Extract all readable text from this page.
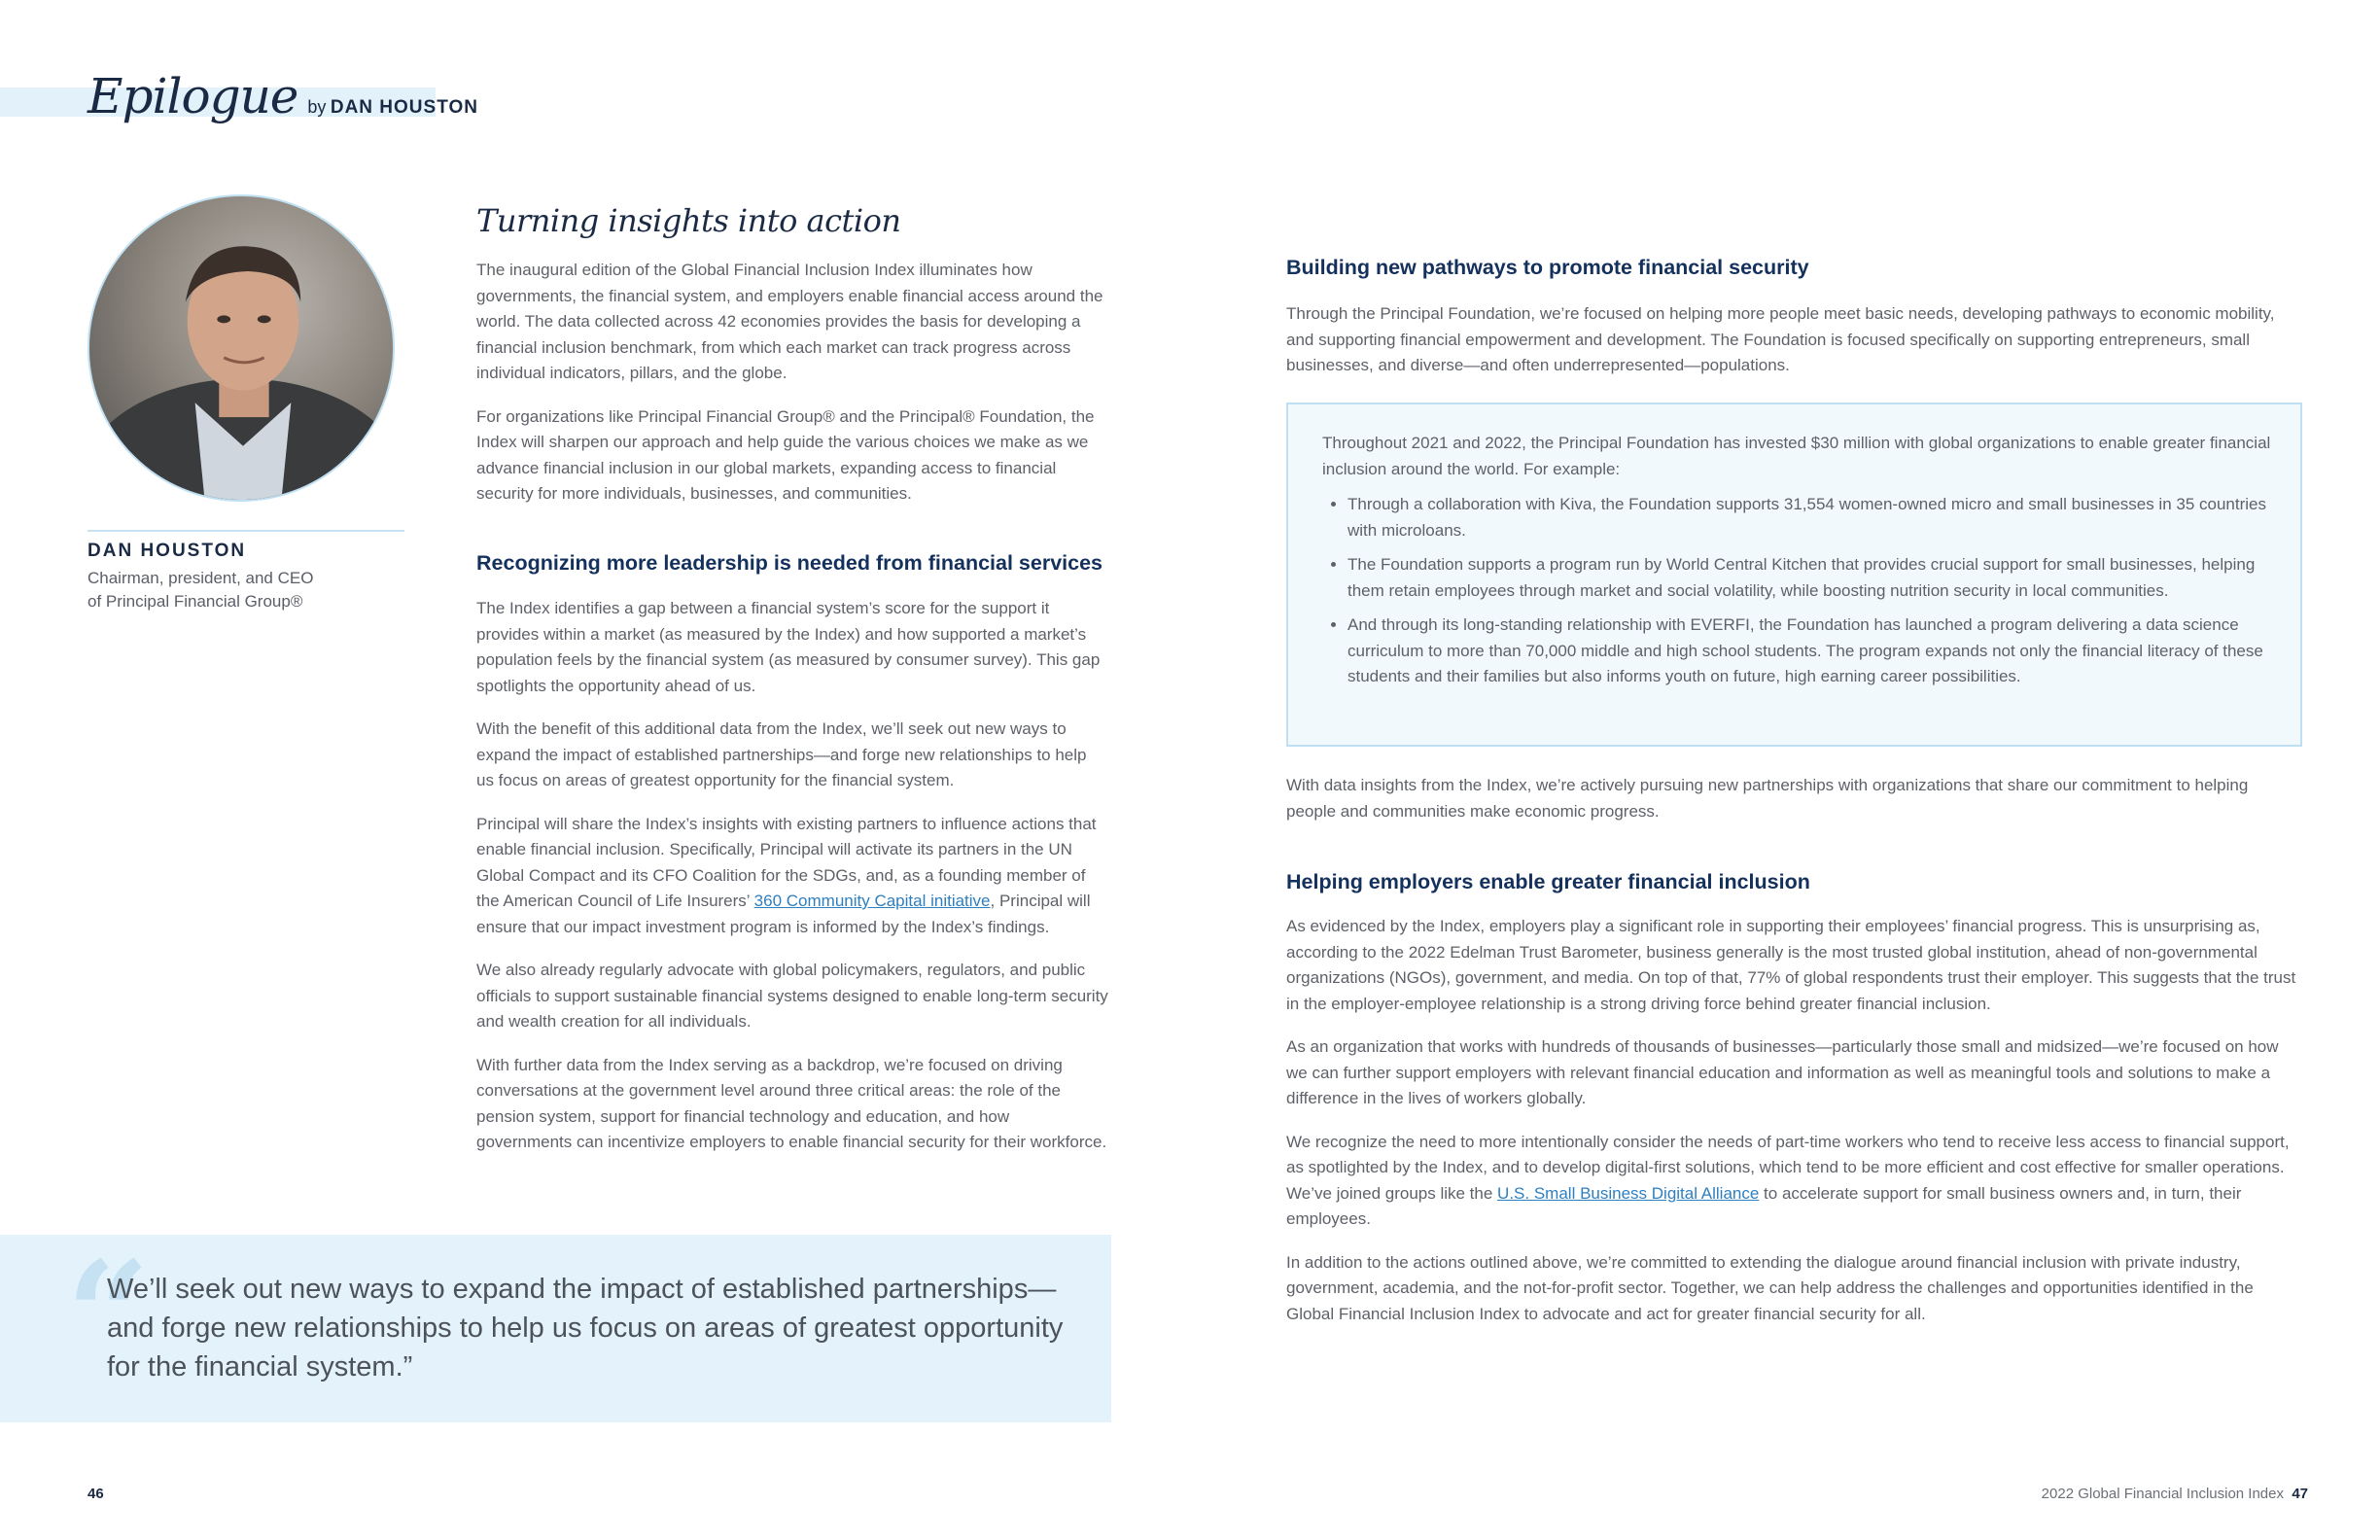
Epilogue by DAN HOUSTON
DAN HOUSTON
Chairman, president, and CEO
of Principal Financial Group®
Turning insights into action

The inaugural edition of the Global Financial Inclusion Index illuminates how governments, the financial system, and employers enable financial access around the world. The data collected across 42 economies provides the basis for developing a financial inclusion benchmark, from which each market can track progress across individual indicators, pillars, and the globe.

For organizations like Principal Financial Group® and the Principal® Foundation, the Index will sharpen our approach and help guide the various choices we make as we advance financial inclusion in our global markets, expanding access to financial security for more individuals, businesses, and communities.

Recognizing more leadership is needed from financial services

The Index identifies a gap between a financial system’s score for the support it provides within a market (as measured by the Index) and how supported a market’s population feels by the financial system (as measured by consumer survey). This gap spotlights the opportunity ahead of us.

With the benefit of this additional data from the Index, we’ll seek out new ways to expand the impact of established partnerships—and forge new relationships to help us focus on areas of greatest opportunity for the financial system.

Principal will share the Index’s insights with existing partners to influence actions that enable financial inclusion. Specifically, Principal will activate its partners in the UN Global Compact and its CFO Coalition for the SDGs, and, as a founding member of the American Council of Life Insurers’ 360 Community Capital initiative, Principal will ensure that our impact investment program is informed by the Index’s findings.

We also already regularly advocate with global policymakers, regulators, and public officials to support sustainable financial systems designed to enable long-term security and wealth creation for all individuals.

With further data from the Index serving as a backdrop, we’re focused on driving conversations at the government level around three critical areas: the role of the pension system, support for financial technology and education, and how governments can incentivize employers to enable financial security for their workforce.

“
We’ll seek out new ways to expand the impact of established partnerships—and forge new relationships to help us focus on areas of greatest opportunity for the financial system.”
Building new pathways to promote financial security
Through the Principal Foundation, we’re focused on helping more people meet basic needs, developing pathways to economic mobility, and supporting financial empowerment and development. The Foundation is focused specifically on supporting entrepreneurs, small businesses, and diverse—and often underrepresented—populations.
Throughout 2021 and 2022, the Principal Foundation has invested $30 million with global organizations to enable greater financial inclusion around the world. For example:
• Through a collaboration with Kiva, the Foundation supports 31,554 women-owned micro and small businesses in 35 countries with microloans.
• The Foundation supports a program run by World Central Kitchen that provides crucial support for small businesses, helping them retain employees through market and social volatility, while boosting nutrition security in local communities.
• And through its long-standing relationship with EVERFI, the Foundation has launched a program delivering a data science curriculum to more than 70,000 middle and high school students. The program expands not only the financial literacy of these students and their families but also informs youth on future, high earning career possibilities.
With data insights from the Index, we’re actively pursuing new partnerships with organizations that share our commitment to helping people and communities make economic progress.
Helping employers enable greater financial inclusion

As evidenced by the Index, employers play a significant role in supporting their employees’ financial progress. This is unsurprising as, according to the 2022 Edelman Trust Barometer, business generally is the most trusted global institution, ahead of non-governmental organizations (NGOs), government, and media. On top of that, 77% of global respondents trust their employer. This suggests that the trust in the employer-employee relationship is a strong driving force behind greater financial inclusion.

As an organization that works with hundreds of thousands of businesses—particularly those small and midsized—we’re focused on how we can further support employers with relevant financial education and information as well as meaningful tools and solutions to make a difference in the lives of workers globally.

We recognize the need to more intentionally consider the needs of part-time workers who tend to receive less access to financial support, as spotlighted by the Index, and to develop digital-first solutions, which tend to be more efficient and cost effective for smaller operations. We’ve joined groups like the U.S. Small Business Digital Alliance to accelerate support for small business owners and, in turn, their employees.

In addition to the actions outlined above, we’re committed to extending the dialogue around financial inclusion with private industry, government, academia, and the not-for-profit sector. Together, we can help address the challenges and opportunities identified in the Global Financial Inclusion Index to advocate and act for greater financial security for all.

46	2022 Global Financial Inclusion Index 47
